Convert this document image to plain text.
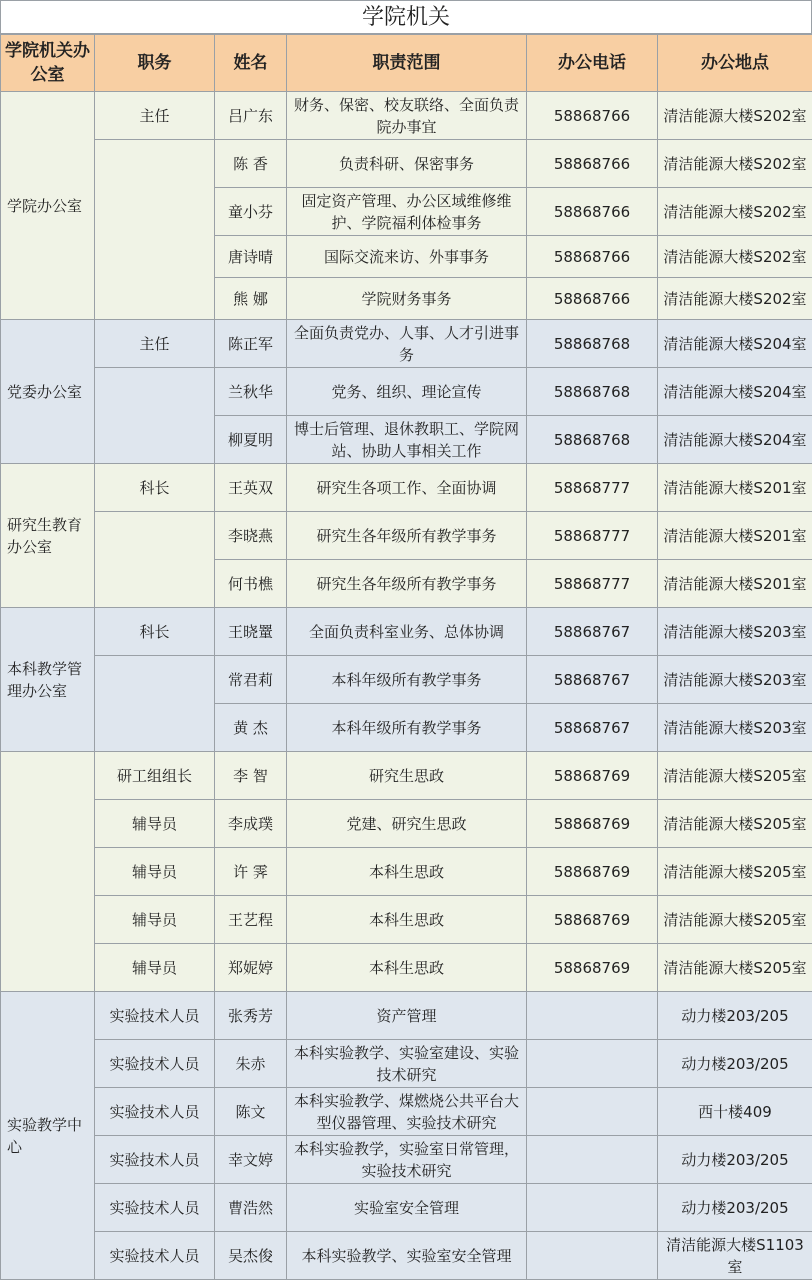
学院机关
学院机关办公室	职务	姓名	职责范围	办公电话	办公地点
学院办公室	主任	吕广东	财务、保密、校友联络、全面负责院办事宜	58868766	清洁能源大楼S202室
		陈 香	负责科研、保密事务	58868766	清洁能源大楼S202室
		童小芬	固定资产管理、办公区域维修维护、学院福利体检事务	58868766	清洁能源大楼S202室
		唐诗晴	国际交流来访、外事事务	58868766	清洁能源大楼S202室
		熊 娜	学院财务事务	58868766	清洁能源大楼S202室
党委办公室	主任	陈正军	全面负责党办、人事、人才引进事务	58868768	清洁能源大楼S204室
		兰秋华	党务、组织、理论宣传	58868768	清洁能源大楼S204室
		柳夏明	博士后管理、退休教职工、学院网站、协助人事相关工作	58868768	清洁能源大楼S204室
研究生教育办公室	科长	王英双	研究生各项工作、全面协调	58868777	清洁能源大楼S201室
		李晓燕	研究生各年级所有教学事务	58868777	清洁能源大楼S201室
		何书樵	研究生各年级所有教学事务	58868777	清洁能源大楼S201室
本科教学管理办公室	科长	王晓罿	全面负责科室业务、总体协调	58868767	清洁能源大楼S203室
		常君莉	本科年级所有教学事务	58868767	清洁能源大楼S203室
		黄 杰	本科年级所有教学事务	58868767	清洁能源大楼S203室
	研工组组长	李 智	研究生思政	58868769	清洁能源大楼S205室
	辅导员	李成璞	党建、研究生思政	58868769	清洁能源大楼S205室
	辅导员	许 霁	本科生思政	58868769	清洁能源大楼S205室
	辅导员	王艺程	本科生思政	58868769	清洁能源大楼S205室
	辅导员	郑妮婷	本科生思政	58868769	清洁能源大楼S205室
实验教学中心	实验技术人员	张秀芳	资产管理		动力楼203/205
	实验技术人员	朱赤	本科实验教学、实验室建设、实验技术研究		动力楼203/205
	实验技术人员	陈文	本科实验教学、煤燃烧公共平台大型仪器管理、实验技术研究		西十楼409
	实验技术人员	幸文婷	本科实验教学，实验室日常管理，实验技术研究		动力楼203/205
	实验技术人员	曹浩然	实验室安全管理		动力楼203/205
	实验技术人员	吴杰俊	本科实验教学、实验室安全管理		清洁能源大楼S1103室
